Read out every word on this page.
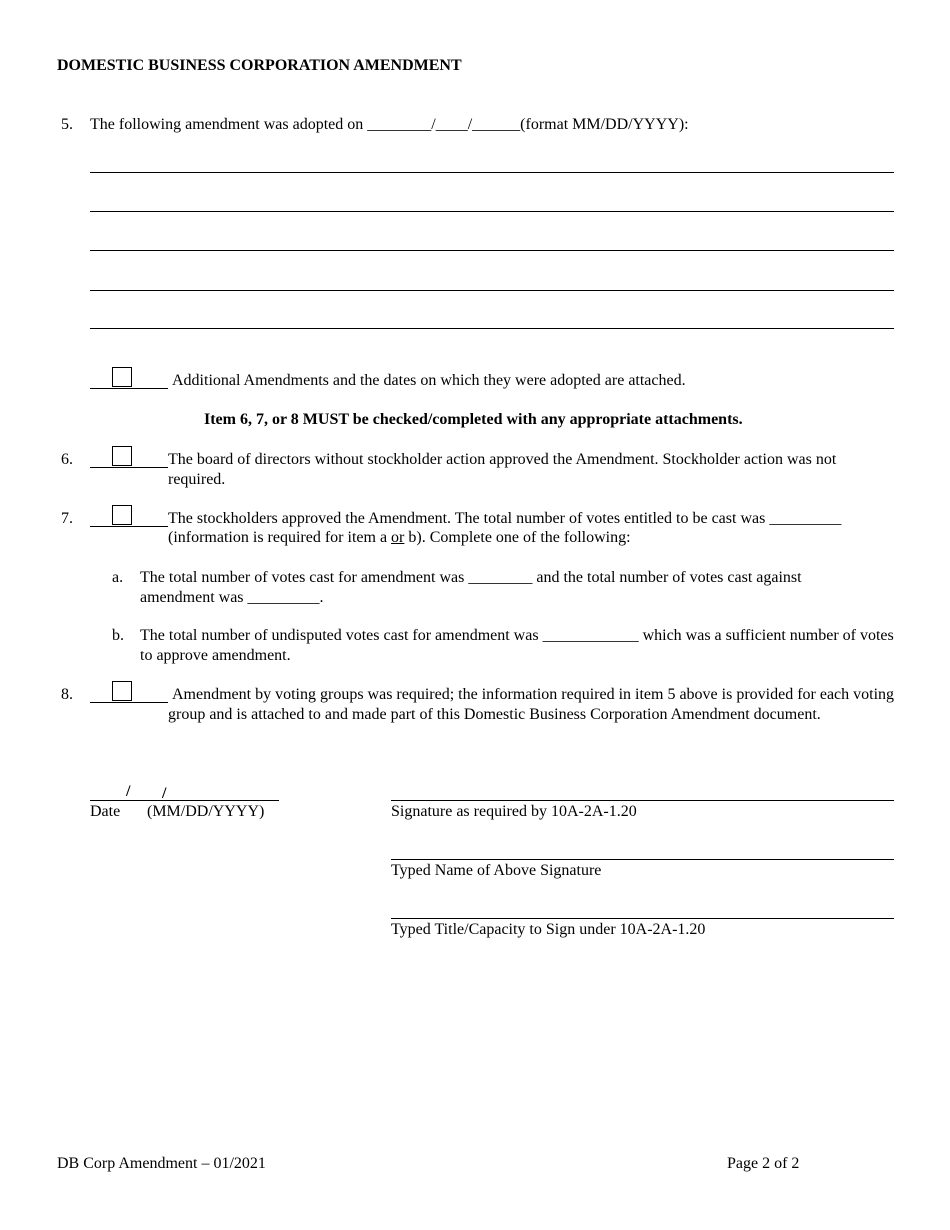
DOMESTIC BUSINESS CORPORATION AMENDMENT
5. The following amendment was adopted on ________/____/______(format MM/DD/YYYY):
Additional Amendments and the dates on which they were adopted are attached.
Item 6, 7, or 8 MUST be checked/completed with any appropriate attachments.
6.	The board of directors without stockholder action approved the Amendment. Stockholder action was not required.
7.	The stockholders approved the Amendment. The total number of votes entitled to be cast was _________
(information is required for item a or b). Complete one of the following:
a. The total number of votes cast for amendment was ________ and the total number of votes cast against amendment was _________.
b. The total number of undisputed votes cast for amendment was ____________ which was a sufficient number of votes to approve amendment.
8.	Amendment by voting groups was required; the information required in item 5 above is provided for each voting group and is attached to and made part of this Domestic Business Corporation Amendment document.
/ /
Date (MM/DD/YYYY)	Signature as required by 10A-2A-1.20
Typed Name of Above Signature
Typed Title/Capacity to Sign under 10A-2A-1.20
DB Corp Amendment – 01/2021	Page 2 of 2
